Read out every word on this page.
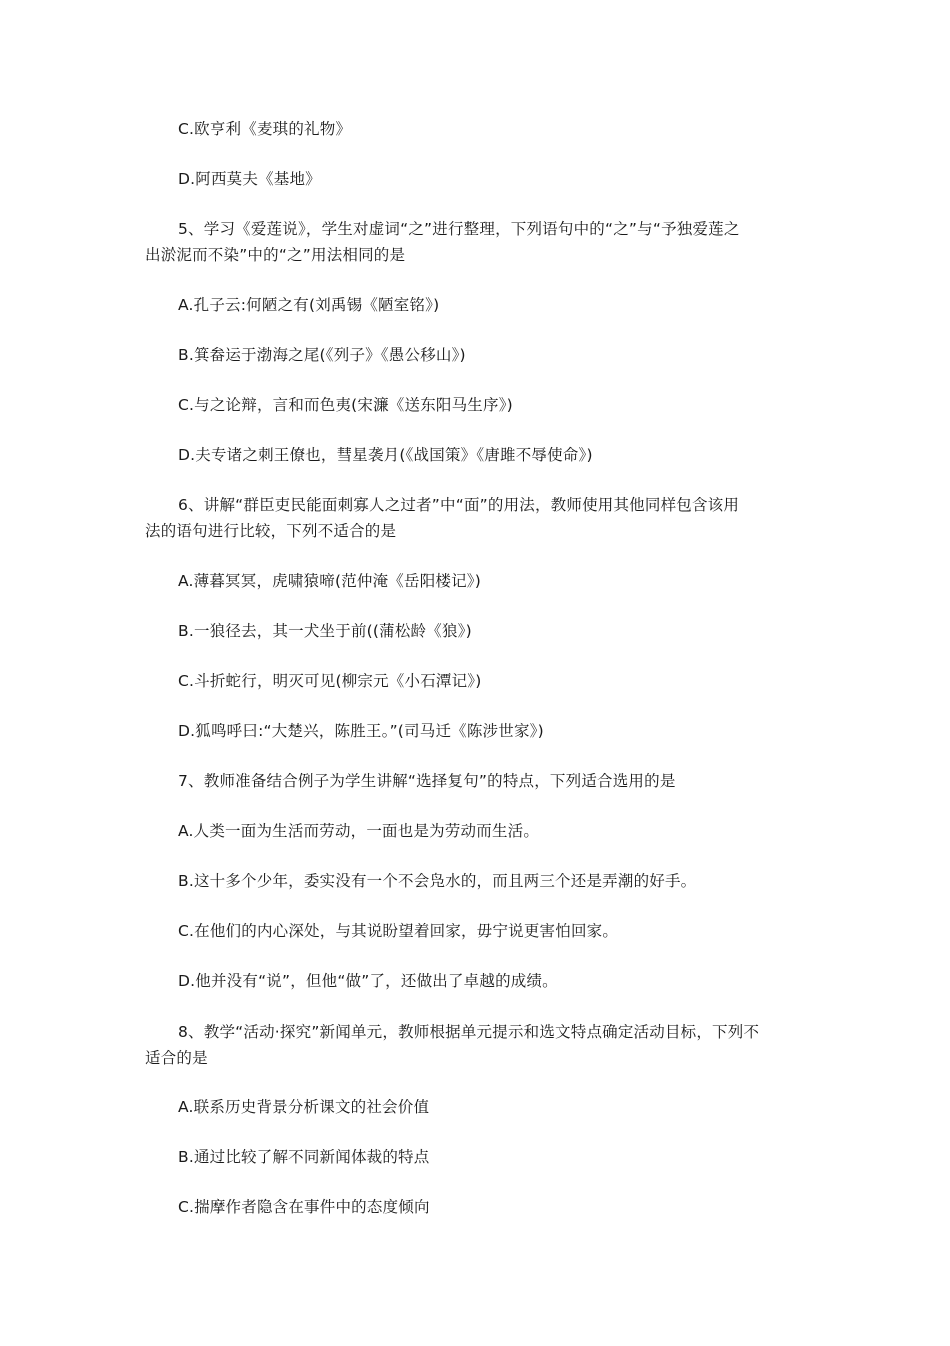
C.欧亨利《麦琪的礼物》
D.阿西莫夫《基地》
5、学习《爱莲说》，学生对虚词“之”进行整理，下列语句中的“之”与“予独爱莲之
出淤泥而不染”中的“之”用法相同的是
A.孔子云:何陋之有(刘禹锡《陋室铭》)
B.箕畚运于渤海之尾(《列子》《愚公移山》)
C.与之论辩，言和而色夷(宋濂《送东阳马生序》)
D.夫专诸之刺王僚也，彗星袭月(《战国策》《唐雎不辱使命》)
6、讲解“群臣吏民能面刺寡人之过者”中“面”的用法，教师使用其他同样包含该用
法的语句进行比较，下列不适合的是
A.薄暮冥冥，虎啸猿啼(范仲淹《岳阳楼记》)
B.一狼径去，其一犬坐于前((蒲松龄《狼》)
C.斗折蛇行，明灭可见(柳宗元《小石潭记》)
D.狐鸣呼曰:“大楚兴，陈胜王。”(司马迁《陈涉世家》)
7、教师准备结合例子为学生讲解“选择复句”的特点，下列适合选用的是
A.人类一面为生活而劳动，一面也是为劳动而生活。
B.这十多个少年，委实没有一个不会凫水的，而且两三个还是弄潮的好手。
C.在他们的内心深处，与其说盼望着回家，毋宁说更害怕回家。
D.他并没有“说”，但他“做”了，还做出了卓越的成绩。
8、教学“活动·探究”新闻单元，教师根据单元提示和选文特点确定活动目标，下列不
适合的是
A.联系历史背景分析课文的社会价值
B.通过比较了解不同新闻体裁的特点
C.揣摩作者隐含在事件中的态度倾向
